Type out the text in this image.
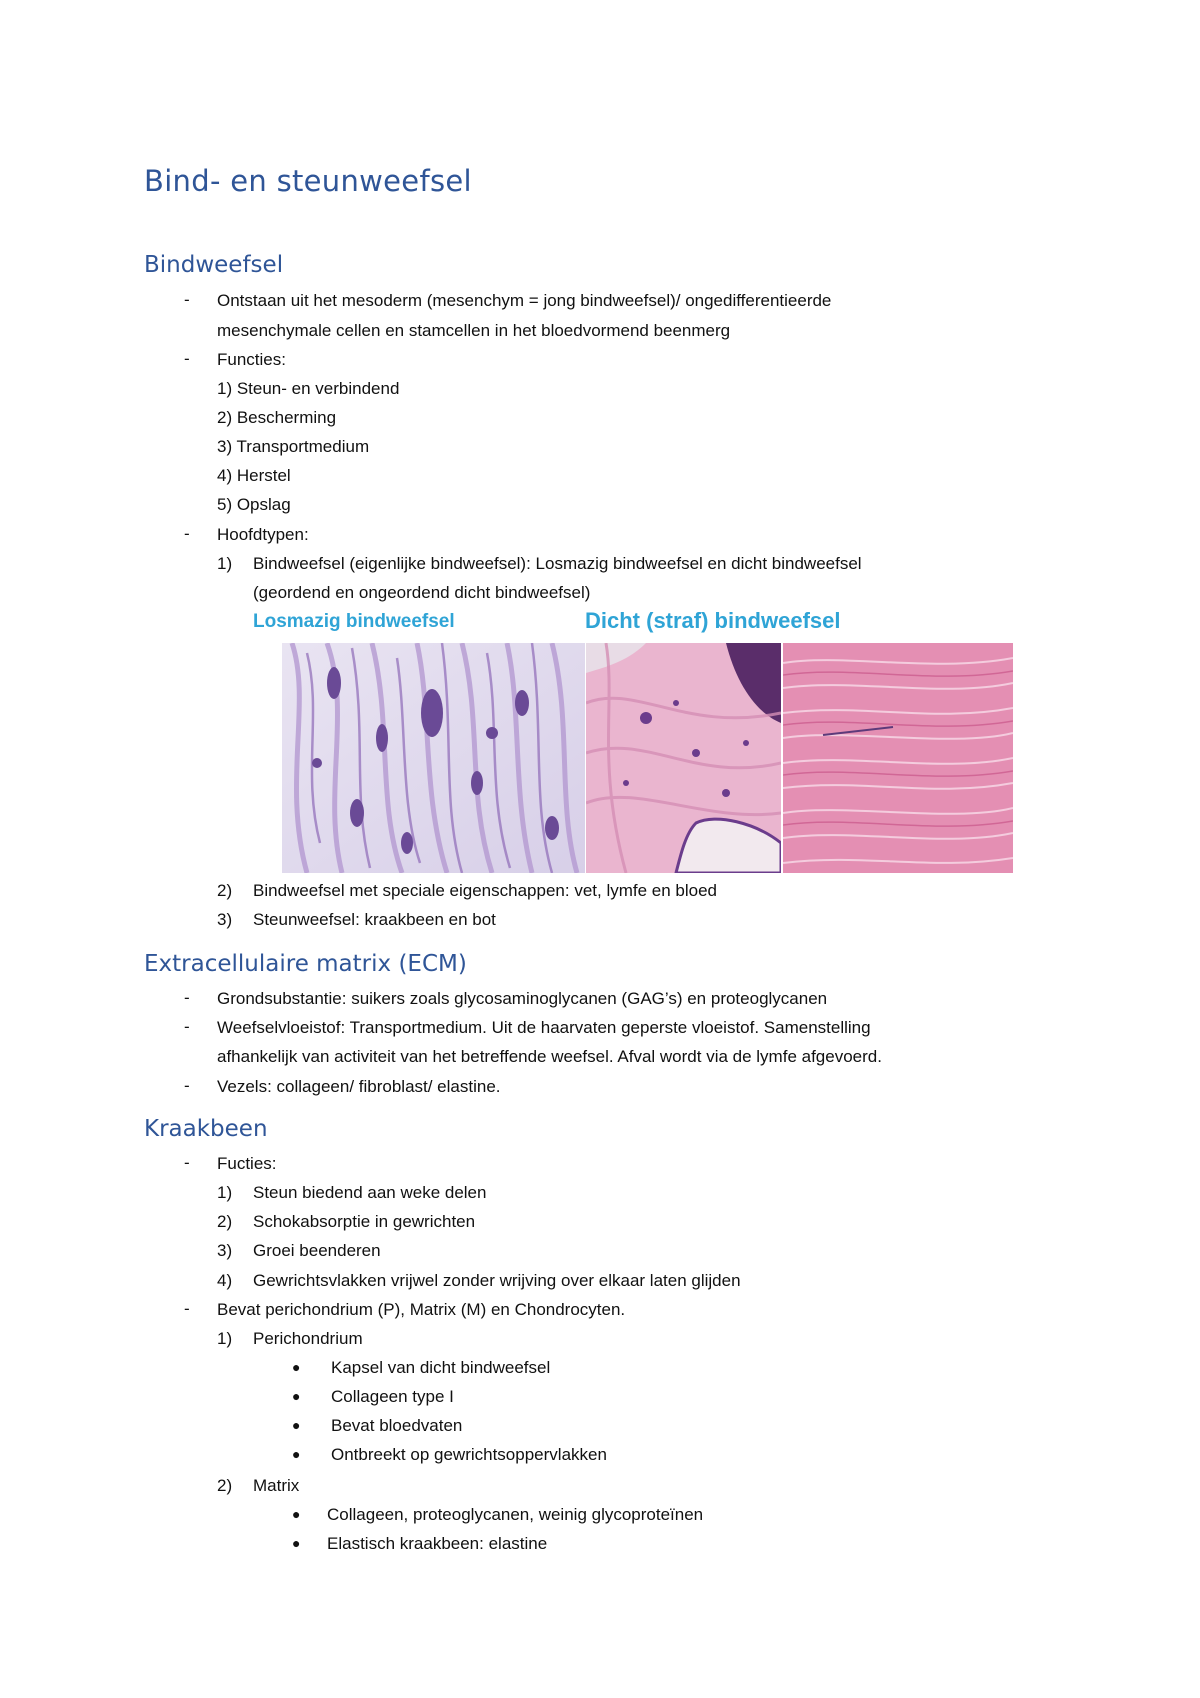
Bind- en steunweefsel
Bindweefsel
- Ontstaan uit het mesoderm (mesenchym = jong bindweefsel)/ ongedifferentieerde
mesenchymale cellen en stamcellen in het bloedvormend beenmerg
- Functies:
1) Steun- en verbindend
2) Bescherming
3) Transportmedium
4) Herstel
5) Opslag
- Hoofdtypen:
1) Bindweefsel (eigenlijke bindweefsel): Losmazig bindweefsel en dicht bindweefsel
(geordend en ongeordend dicht bindweefsel)
Losmazig bindweefsel	Dicht (straf) bindweefsel
2) Bindweefsel met speciale eigenschappen: vet, lymfe en bloed
3) Steunweefsel: kraakbeen en bot
Extracellulaire matrix (ECM)
- Grondsubstantie: suikers zoals glycosaminoglycanen (GAG’s) en proteoglycanen
- Weefselvloeistof: Transportmedium. Uit de haarvaten geperste vloeistof. Samenstelling
afhankelijk van activiteit van het betreffende weefsel. Afval wordt via de lymfe afgevoerd.
- Vezels: collageen/ fibroblast/ elastine.
Kraakbeen
- Fucties:
1) Steun biedend aan weke delen
2) Schokabsorptie in gewrichten
3) Groei beenderen
4) Gewrichtsvlakken vrijwel zonder wrijving over elkaar laten glijden
- Bevat perichondrium (P), Matrix (M) en Chondrocyten.
1) Perichondrium
● Kapsel van dicht bindweefsel
● Collageen type I
● Bevat bloedvaten
● Ontbreekt op gewrichtsoppervlakken
2) Matrix
● Collageen, proteoglycanen, weinig glycoproteïnen
● Elastisch kraakbeen: elastine
